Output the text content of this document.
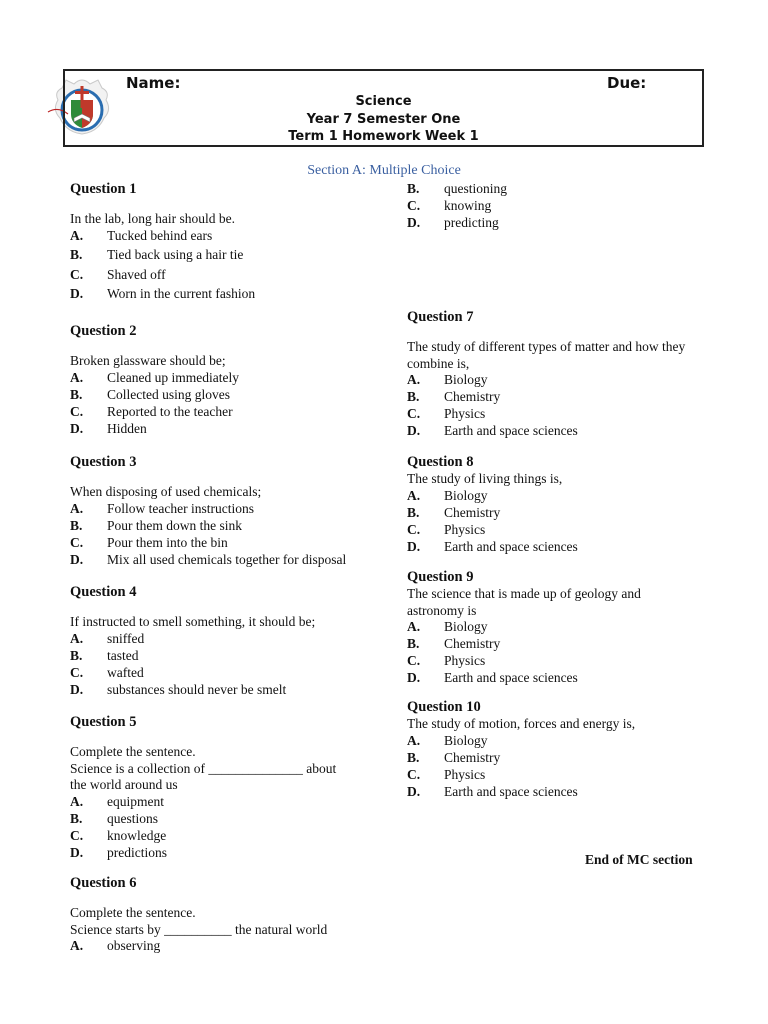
Name:	Due:
Science
Year 7 Semester One
Term 1 Homework Week 1
Section A: Multiple Choice
Question 1
In the lab, long hair should be.
A.	Tucked behind ears
B.	Tied back using a hair tie
C.	Shaved off
D.	Worn in the current fashion
Question 2
Broken glassware should be;
A.	Cleaned up immediately
B.	Collected using gloves
C.	Reported to the teacher
D.	Hidden
Question 3
When disposing of used chemicals;
A.	Follow teacher instructions
B.	Pour them down the sink
C.	Pour them into the bin
D.	Mix all used chemicals together for disposal
Question 4
If instructed to smell something, it should be;
A.	sniffed
B.	tasted
C.	wafted
D.	substances should never be smelt
Question 5
Complete the sentence.
Science is a collection of ______________ about the world around us
A.	equipment
B.	questions
C.	knowledge
D.	predictions
Question 6
Complete the sentence.
Science starts by __________ the natural world
A.	observing
B.	questioning
C.	knowing
D.	predicting
Question 7
The study of different types of matter and how they combine is,
A.	Biology
B.	Chemistry
C.	Physics
D.	Earth and space sciences
Question 8
The study of living things is,
A.	Biology
B.	Chemistry
C.	Physics
D.	Earth and space sciences
Question 9
The science that is made up of geology and astronomy is
A.	Biology
B.	Chemistry
C.	Physics
D.	Earth and space sciences
Question 10
The study of motion, forces and energy is,
A.	Biology
B.	Chemistry
C.	Physics
D.	Earth and space sciences
End of MC section
